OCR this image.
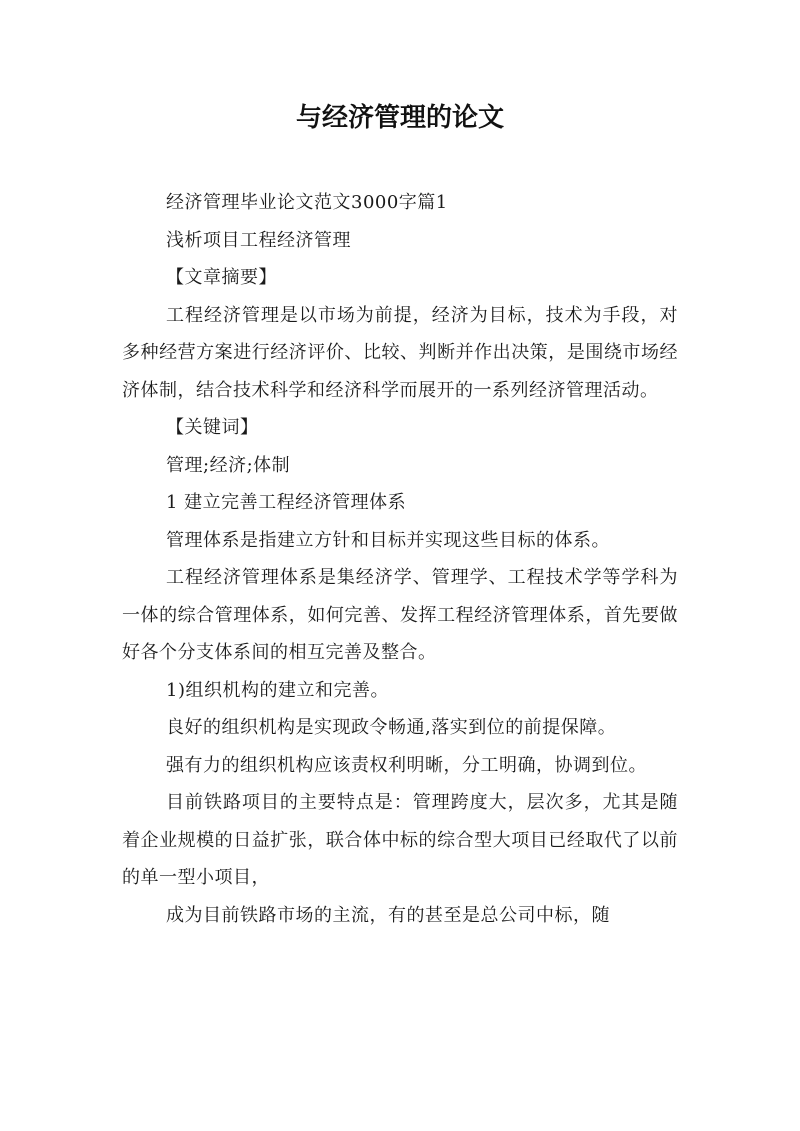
与经济管理的论文

经济管理毕业论文范文3000字篇1

浅析项目工程经济管理

【文章摘要】

工程经济管理是以市场为前提，经济为目标，技术为手段，对多种经营方案进行经济评价、比较、判断并作出决策，是围绕市场经济体制，结合技术科学和经济科学而展开的一系列经济管理活动。

【关键词】

管理;经济;体制

1 建立完善工程经济管理体系

管理体系是指建立方针和目标并实现这些目标的体系。

工程经济管理体系是集经济学、管理学、工程技术学等学科为一体的综合管理体系，如何完善、发挥工程经济管理体系，首先要做好各个分支体系间的相互完善及整合。

1)组织机构的建立和完善。

良好的组织机构是实现政令畅通,落实到位的前提保障。

强有力的组织机构应该责权利明晰，分工明确，协调到位。

目前铁路项目的主要特点是：管理跨度大，层次多，尤其是随着企业规模的日益扩张，联合体中标的综合型大项目已经取代了以前的单一型小项目，

成为目前铁路市场的主流，有的甚至是总公司中标，随
